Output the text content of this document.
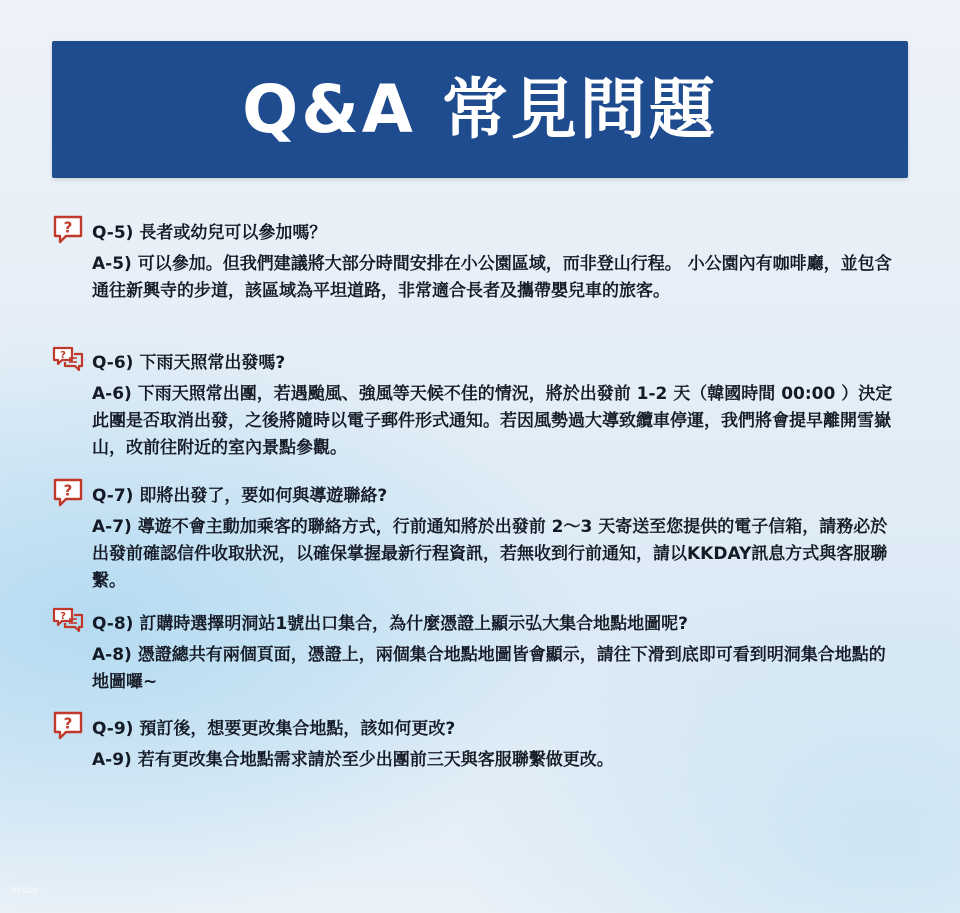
Q&A 常見問題
? Q-5) 長者或幼兒可以參加嗎？
A-5) 可以參加。但我們建議將大部分時間安排在小公園區域，而非登山行程。 小公園內有咖啡廳，並包含通往新興寺的步道，該區域為平坦道路，非常適合長者及攜帶嬰兒車的旅客。
? Q-6) 下雨天照常出發嗎?
A-6) 下雨天照常出團，若遇颱風、強風等天候不佳的情況，將於出發前 1-2 天（韓國時間 00:00 ）決定此團是否取消出發，之後將隨時以電子郵件形式通知。若因風勢過大導致纜車停運，我們將會提早離開雪嶽山，改前往附近的室內景點參觀。
? Q-7) 即將出發了，要如何與導遊聯絡?
A-7) 導遊不會主動加乘客的聯絡方式，行前通知將於出發前 2～3 天寄送至您提供的電子信箱，請務必於出發前確認信件收取狀況，以確保掌握最新行程資訊，若無收到行前通知，請以KKDAY訊息方式與客服聯繫。
? Q-8) 訂購時選擇明洞站1號出口集合，為什麼憑證上顯示弘大集合地點地圖呢?
A-8) 憑證總共有兩個頁面，憑證上，兩個集合地點地圖皆會顯示，請往下滑到底即可看到明洞集合地點的地圖囉~
? Q-9) 預訂後，想要更改集合地點，該如何更改?
A-9) 若有更改集合地點需求請於至少出團前三天與客服聯繫做更改。
kkday
